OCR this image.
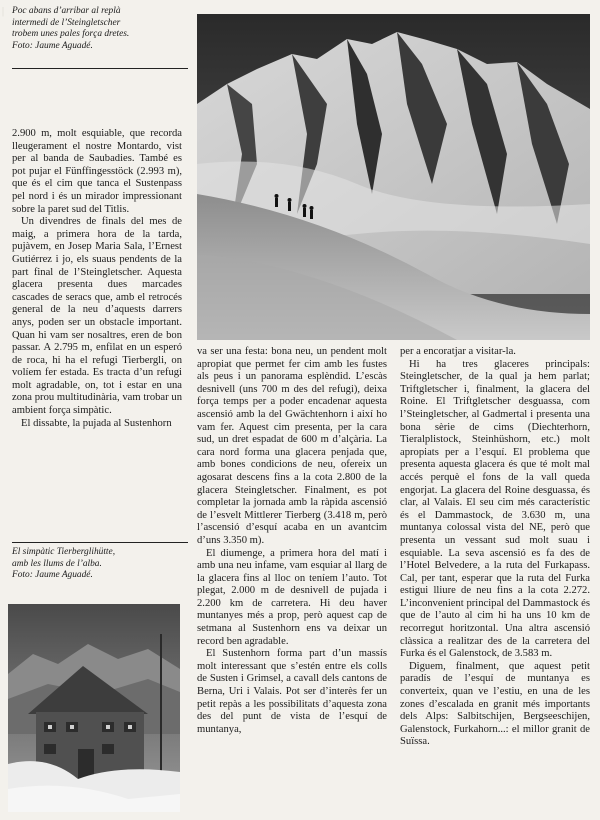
| Poc abans d’arribar al replà
intermedi de l’Steingletscher
trobem unes pales força dretes.
Foto: Jaume Aguadé.

2.900 m, molt esquiable, que recorda lleugerament el nostre Montardo, vist per al banda de Saubadies. També es pot pujar el Fünffingesstöck (2.993 m), que és el cim que tanca el Sustenpass pel nord i és un mirador impressionant sobre la paret sud del Titlis.

Un divendres de finals del mes de maig, a primera hora de la tarda, pujàvem, en Josep Maria Sala, l’Ernest Gutiérrez i jo, els suaus pendents de la part final de l’Steingletscher. Aquesta glacera presenta dues marcades cascades de seracs que, amb el retrocés general de la neu d’aquests darrers anys, poden ser un obstacle important. Quan hi vam ser nosaltres, eren de bon passar. A 2.795 m, enfilat en un esperó de roca, hi ha el refugi Tierbergli, on volíem fer estada. Es tracta d’un refugi molt agradable, on, tot i estar en una zona prou multitudinària, vam trobar un ambient força simpàtic.

El dissabte, la pujada al Sustenhorn

El simpàtic Tierberglihütte,
amb les llums de l’alba.
Foto: Jaume Aguadé.

va ser una festa: bona neu, un pendent molt apropiat que permet fer cim amb les fustes als peus i un panorama esplèndid. L’escàs desnivell (uns 700 m des del refugi), deixa força temps per a poder encadenar aquesta ascensió amb la del Gwächtenhorn i així ho vam fer. Aquest cim presenta, per la cara sud, un dret espadat de 600 m d’alçària. La cara nord forma una glacera penjada que, amb bones condicions de neu, ofereix un agosarat descens fins a la cota 2.800 de la glacera Steingletscher. Finalment, es pot completar la jornada amb la ràpida ascensió de l’esvelt Mittlerer Tierberg (3.418 m, però l’ascensió d’esquí acaba en un avantcim d’uns 3.350 m).

El diumenge, a primera hora del matí i amb una neu infame, vam esquiar al llarg de la glacera fins al lloc on teníem l’auto. Tot plegat, 2.000 m de desnivell de pujada i 2.200 km de carretera. Hi deu haver muntanyes més a prop, però aquest cap de setmana al Sustenhorn ens va deixar un record ben agradable.

El Sustenhorn forma part d’un massís molt interessant que s’estén entre els colls de Susten i Grimsel, a cavall dels cantons de Berna, Uri i Valais. Pot ser d’interès fer un petit repàs a les possibilitats d’aquesta zona des del punt de vista de l’esquí de muntanya,

per a encoratjar a visitar-la.

Hi ha tres glaceres principals: Steingletscher, de la qual ja hem parlat; Triftgletscher i, finalment, la glacera del Roine. El Triftgletscher desguassa, com l’Steingletscher, al Gadmertal i presenta una bona sèrie de cims (Diechterhorn, Tieralplistock, Steinhüshorn, etc.) molt apropiats per a l’esquí. El problema que presenta aquesta glacera és que té molt mal accés perquè el fons de la vall queda engorjat. La glacera del Roine desguassa, és clar, al Valais. El seu cim més característic és el Dammastock, de 3.630 m, una muntanya colossal vista del NE, però que presenta un vessant sud molt suau i esquiable. La seva ascensió es fa des de l’Hotel Belvedere, a la ruta del Furkapass. Cal, per tant, esperar que la ruta del Furka estigui lliure de neu fins a la cota 2.272. L’inconvenient principal del Dammastock és que de l’auto al cim hi ha uns 10 km de recorregut horitzontal. Una altra ascensió clàssica a realitzar des de la carretera del Furka és el Galenstock, de 3.583 m.

Diguem, finalment, que aquest petit paradís de l’esquí de muntanya es converteix, quan ve l’estiu, en una de les zones d’escalada en granit més importants dels Alps: Salbitschijen, Bergseeschijen, Galenstock, Furkahorn...: el millor granit de Suïssa.
